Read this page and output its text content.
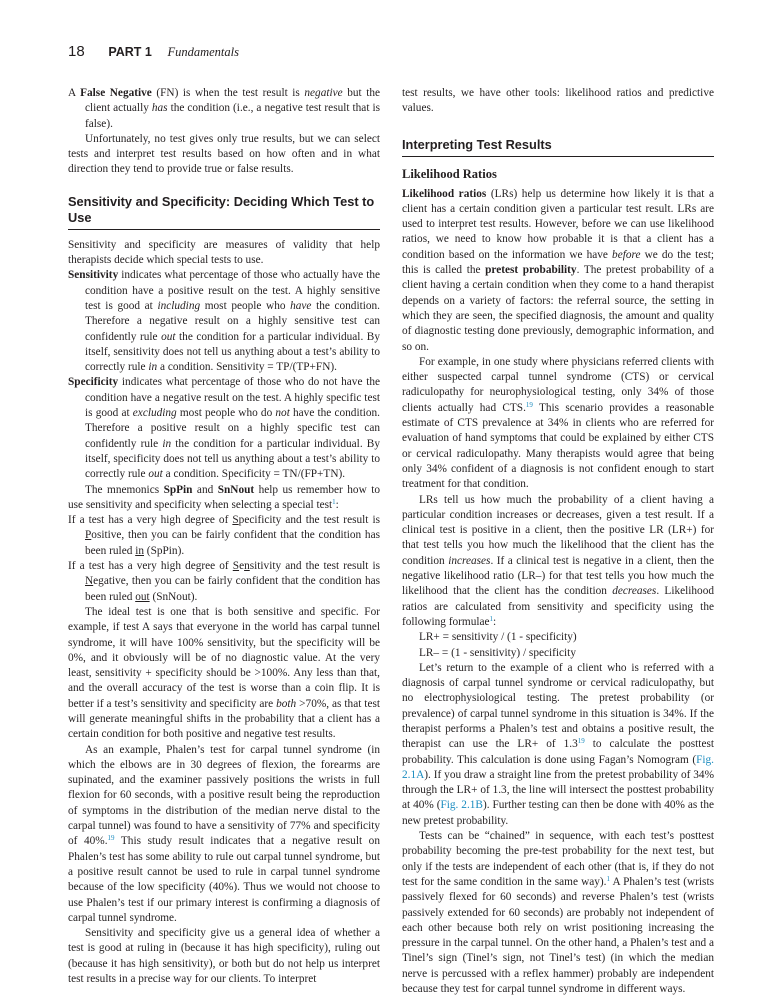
18 PART 1 Fundamentals

A False Negative (FN) is when the test result is negative but the client actually has the condition (i.e., a negative test result that is false).

Unfortunately, no test gives only true results, but we can select tests and interpret test results based on how often and in what direction they tend to provide true or false results.

Sensitivity and Specificity: Deciding Which Test to Use

Sensitivity and specificity are measures of validity that help therapists decide which special tests to use.

Sensitivity indicates what percentage of those who actually have the condition have a positive result on the test. A highly sensitive test is good at including most people who have the condition. Therefore a negative result on a highly sensitive test can confidently rule out the condition for a particular individual. By itself, sensitivity does not tell us anything about a test’s ability to correctly rule in a condition. Sensitivity = TP/(TP+FN).

Specificity indicates what percentage of those who do not have the condition have a negative result on the test. A highly specific test is good at excluding most people who do not have the condition. Therefore a positive result on a highly specific test can confidently rule in the condition for a particular individual. By itself, specificity does not tell us anything about a test’s ability to correctly rule out a condition. Specificity = TN/(FP+TN).

The mnemonics SpPin and SnNout help us remember how to use sensitivity and specificity when selecting a special test$^1$:

If a test has a very high degree of Specificity and the test result is Positive, then you can be fairly confident that the condition has been ruled in (SpPin).

If a test has a very high degree of Sensitivity and the test result is Negative, then you can be fairly confident that the condition has been ruled out (SnNout).

The ideal test is one that is both sensitive and specific. For example, if test A says that everyone in the world has carpal tunnel syndrome, it will have 100% sensitivity, but the specificity will be 0%, and it obviously will be of no diagnostic value. At the very least, sensitivity + specificity should be >100%. Any less than that, and the overall accuracy of the test is worse than a coin flip. It is better if a test’s sensitivity and specificity are both >70%, as that test will generate meaningful shifts in the probability that a client has a certain condition for both positive and negative test results.

As an example, Phalen’s test for carpal tunnel syndrome (in which the elbows are in 30 degrees of flexion, the forearms are supinated, and the examiner passively positions the wrists in full flexion for 60 seconds, with a positive result being the reproduction of symptoms in the distribution of the median nerve distal to the carpal tunnel) was found to have a sensitivity of 77% and specificity of 40%.$^{19}$ This study result indicates that a negative result on Phalen’s test has some ability to rule out carpal tunnel syndrome, but a positive result cannot be used to rule in carpal tunnel syndrome because of the low specificity (40%). Thus we would not choose to use Phalen’s test if our primary interest is confirming a diagnosis of carpal tunnel syndrome.

Sensitivity and specificity give us a general idea of whether a test is good at ruling in (because it has high specificity), ruling out (because it has high sensitivity), or both but do not help us interpret test results in a precise way for our clients. To interpret

test results, we have other tools: likelihood ratios and predictive values.

Interpreting Test Results
Likelihood Ratios

Likelihood ratios (LRs) help us determine how likely it is that a client has a certain condition given a particular test result. LRs are used to interpret test results. However, before we can use likelihood ratios, we need to know how probable it is that a client has a condition based on the information we have before we do the test; this is called the pretest probability. The pretest probability of a client having a certain condition when they come to a hand therapist depends on a variety of factors: the referral source, the setting in which they are seen, the specified diagnosis, the amount and quality of diagnostic testing done previously, demographic information, and so on.

For example, in one study where physicians referred clients with either suspected carpal tunnel syndrome (CTS) or cervical radiculopathy for neurophysiological testing, only 34% of those clients actually had CTS.$^{19}$ This scenario provides a reasonable estimate of CTS prevalence at 34% in clients who are referred for evaluation of hand symptoms that could be explained by either CTS or cervical radiculopathy. Many therapists would agree that being only 34% confident of a diagnosis is not confident enough to start treatment for that condition.

LRs tell us how much the probability of a client having a particular condition increases or decreases, given a test result. If a clinical test is positive in a client, then the positive LR (LR+) for that test tells you how much the likelihood that the client has the condition increases. If a clinical test is negative in a client, then the negative likelihood ratio (LR–) for that test tells you how much the likelihood that the client has the condition decreases. Likelihood ratios are calculated from sensitivity and specificity using the following formulae$^1$:

LR+ = sensitivity / (1 - specificity)

LR– = (1 - sensitivity) / specificity

Let’s return to the example of a client who is referred with a diagnosis of carpal tunnel syndrome or cervical radiculopathy, but no electrophysiological testing. The pretest probability (or prevalence) of carpal tunnel syndrome in this situation is 34%. If the therapist performs a Phalen’s test and obtains a positive result, the therapist can use the LR+ of 1.3$^{19}$ to calculate the posttest probability. This calculation is done using Fagan’s Nomogram (Fig. 2.1A). If you draw a straight line from the pretest probability of 34% through the LR+ of 1.3, the line will intersect the posttest probability at 40% (Fig. 2.1B). Further testing can then be done with 40% as the new pretest probability.

Tests can be “chained” in sequence, with each test’s posttest probability becoming the pre-test probability for the next test, but only if the tests are independent of each other (that is, if they do not test for the same condition in the same way).$^1$ A Phalen’s test (wrists passively flexed for 60 seconds) and reverse Phalen’s test (wrists passively extended for 60 seconds) are probably not independent of each other because both rely on wrist positioning increasing the pressure in the carpal tunnel. On the other hand, a Phalen’s test and a Tinel’s sign (Tinel’s sign, not Tinel’s test) (in which the median nerve is percussed with a reflex hammer) probably are independent because they test for carpal tunnel syndrome in different ways.
